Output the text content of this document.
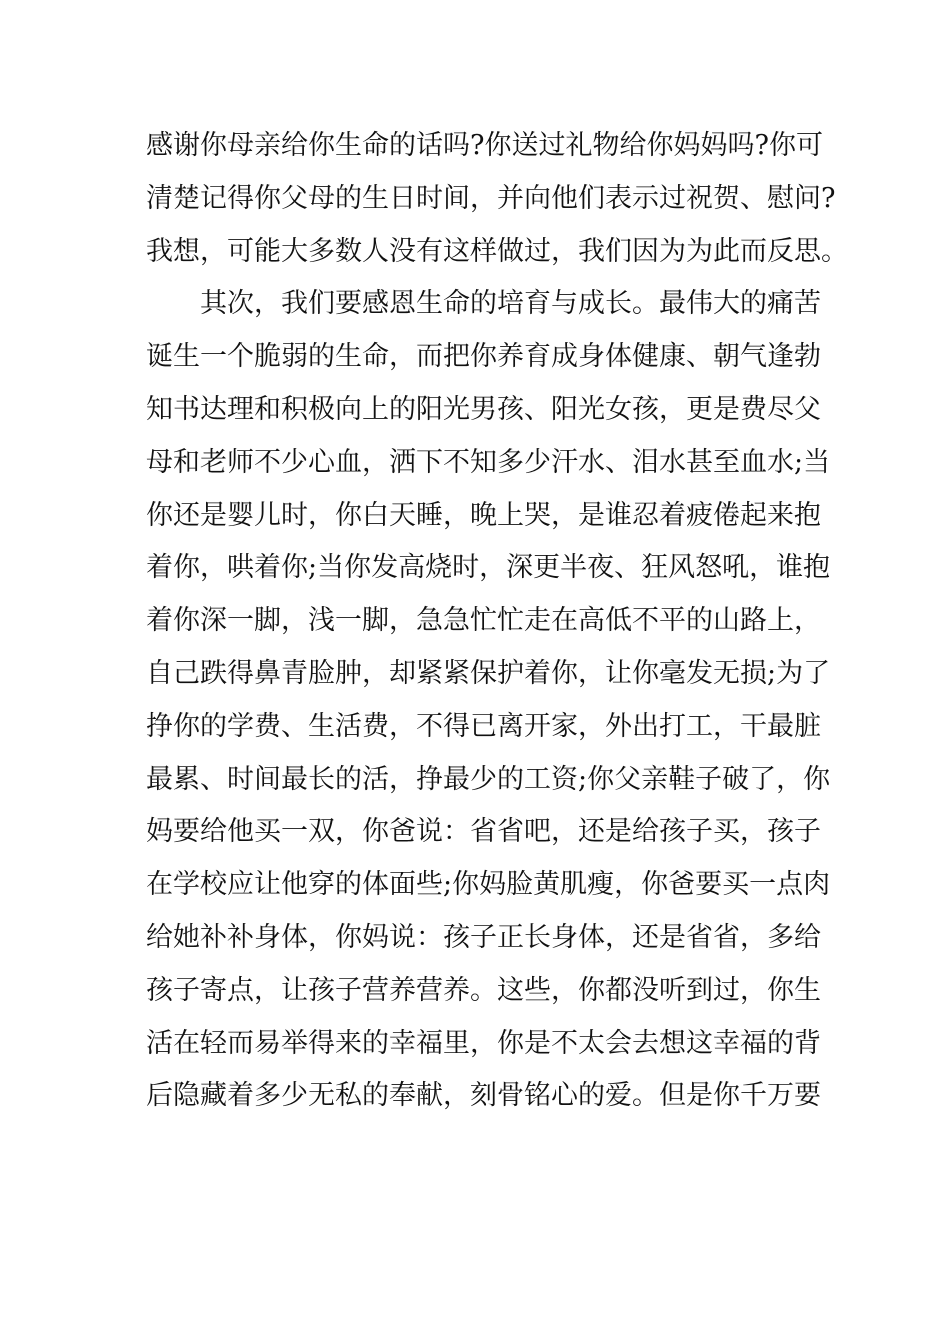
感谢你母亲给你生命的话吗?你送过礼物给你妈妈吗?你可
清楚记得你父母的生日时间，并向他们表示过祝贺、慰问?
我想，可能大多数人没有这样做过，我们因为为此而反思。
其次，我们要感恩生命的培育与成长。最伟大的痛苦
诞生一个脆弱的生命，而把你养育成身体健康、朝气逢勃
知书达理和积极向上的阳光男孩、阳光女孩，更是费尽父
母和老师不少心血，洒下不知多少汗水、泪水甚至血水;当
你还是婴儿时，你白天睡，晚上哭，是谁忍着疲倦起来抱
着你，哄着你;当你发高烧时，深更半夜、狂风怒吼，谁抱
着你深一脚，浅一脚，急急忙忙走在高低不平的山路上，
自己跌得鼻青脸肿，却紧紧保护着你，让你毫发无损;为了
挣你的学费、生活费，不得已离开家，外出打工，干最脏
最累、时间最长的活，挣最少的工资;你父亲鞋子破了，你
妈要给他买一双，你爸说：省省吧，还是给孩子买，孩子
在学校应让他穿的体面些;你妈脸黄肌瘦，你爸要买一点肉
给她补补身体，你妈说：孩子正长身体，还是省省，多给
孩子寄点，让孩子营养营养。这些，你都没听到过，你生
活在轻而易举得来的幸福里，你是不太会去想这幸福的背
后隐藏着多少无私的奉献，刻骨铭心的爱。但是你千万要
